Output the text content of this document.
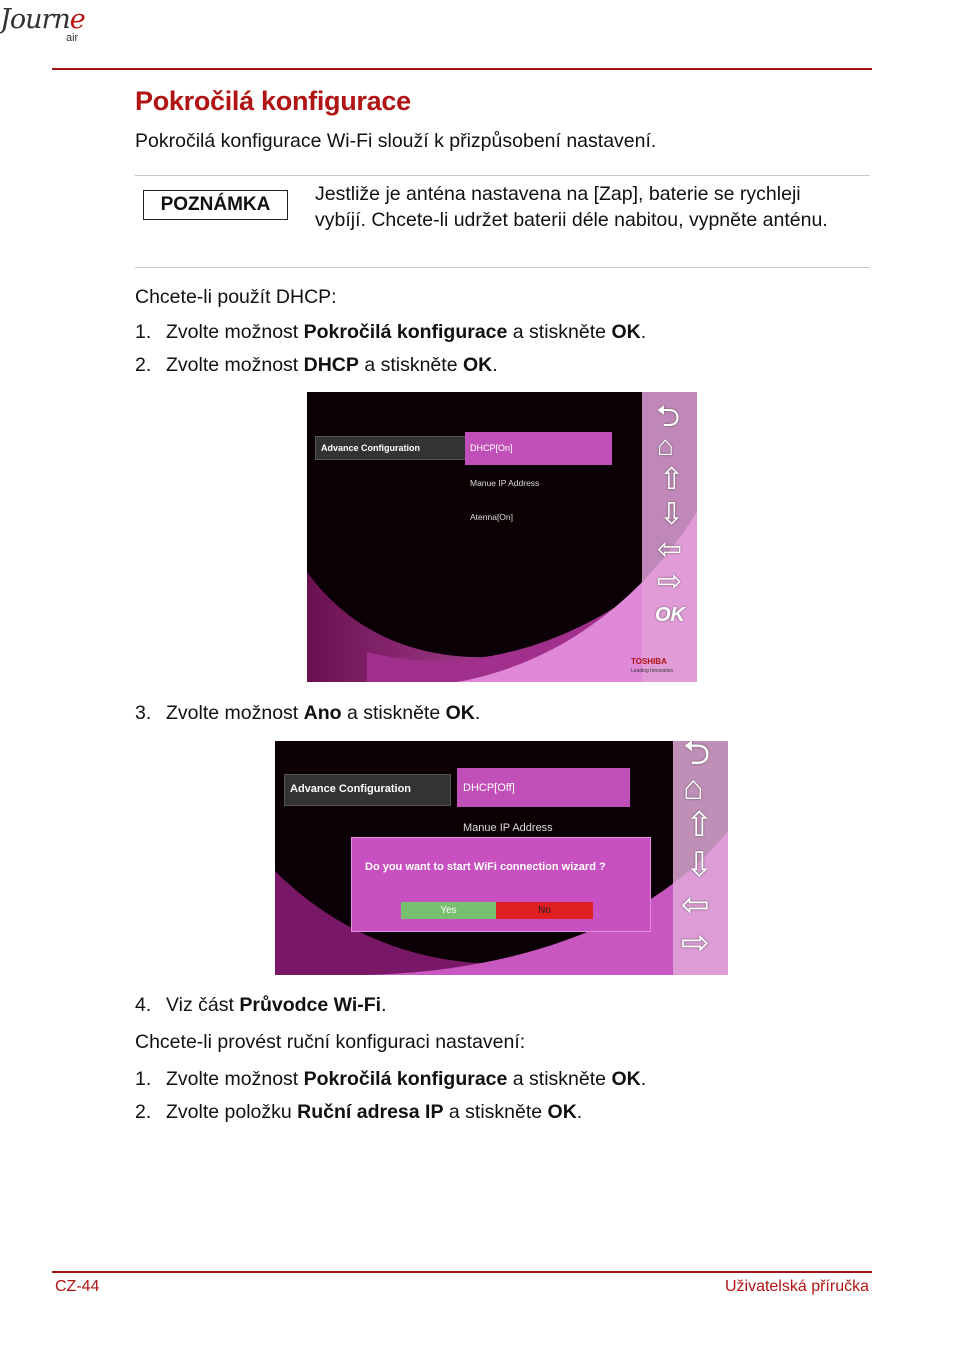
Journe
air
Pokročilá konfigurace
Pokročilá konfigurace Wi-Fi slouží k přizpůsobení nastavení.
POZNÁMKA	Jestliže je anténa nastavena na [Zap], baterie se rychleji vybíjí. Chcete-li udržet baterii déle nabitou, vypněte anténu.
Chcete-li použít DHCP:
1. Zvolte možnost Pokročilá konfigurace a stiskněte OK.
2. Zvolte možnost DHCP a stiskněte OK.
Advance Configuration	DHCP[On]
Manue IP Address
Atenna[On]
⮌
⌂
⇧
⇩
⇦
⇨
OK
TOSHIBA
Leading Innovation
3. Zvolte možnost Ano a stiskněte OK.
Advance Configuration	DHCP[Off]
Manue IP Address
Do you want to start WiFi connection wizard ?
Yes	No
⮌
⌂
⇧
⇩
⇦
⇨
4. Viz část Průvodce Wi-Fi.
Chcete-li provést ruční konfiguraci nastavení:
1. Zvolte možnost Pokročilá konfigurace a stiskněte OK.
2. Zvolte položku Ruční adresa IP a stiskněte OK.
CZ-44	Uživatelská příručka
